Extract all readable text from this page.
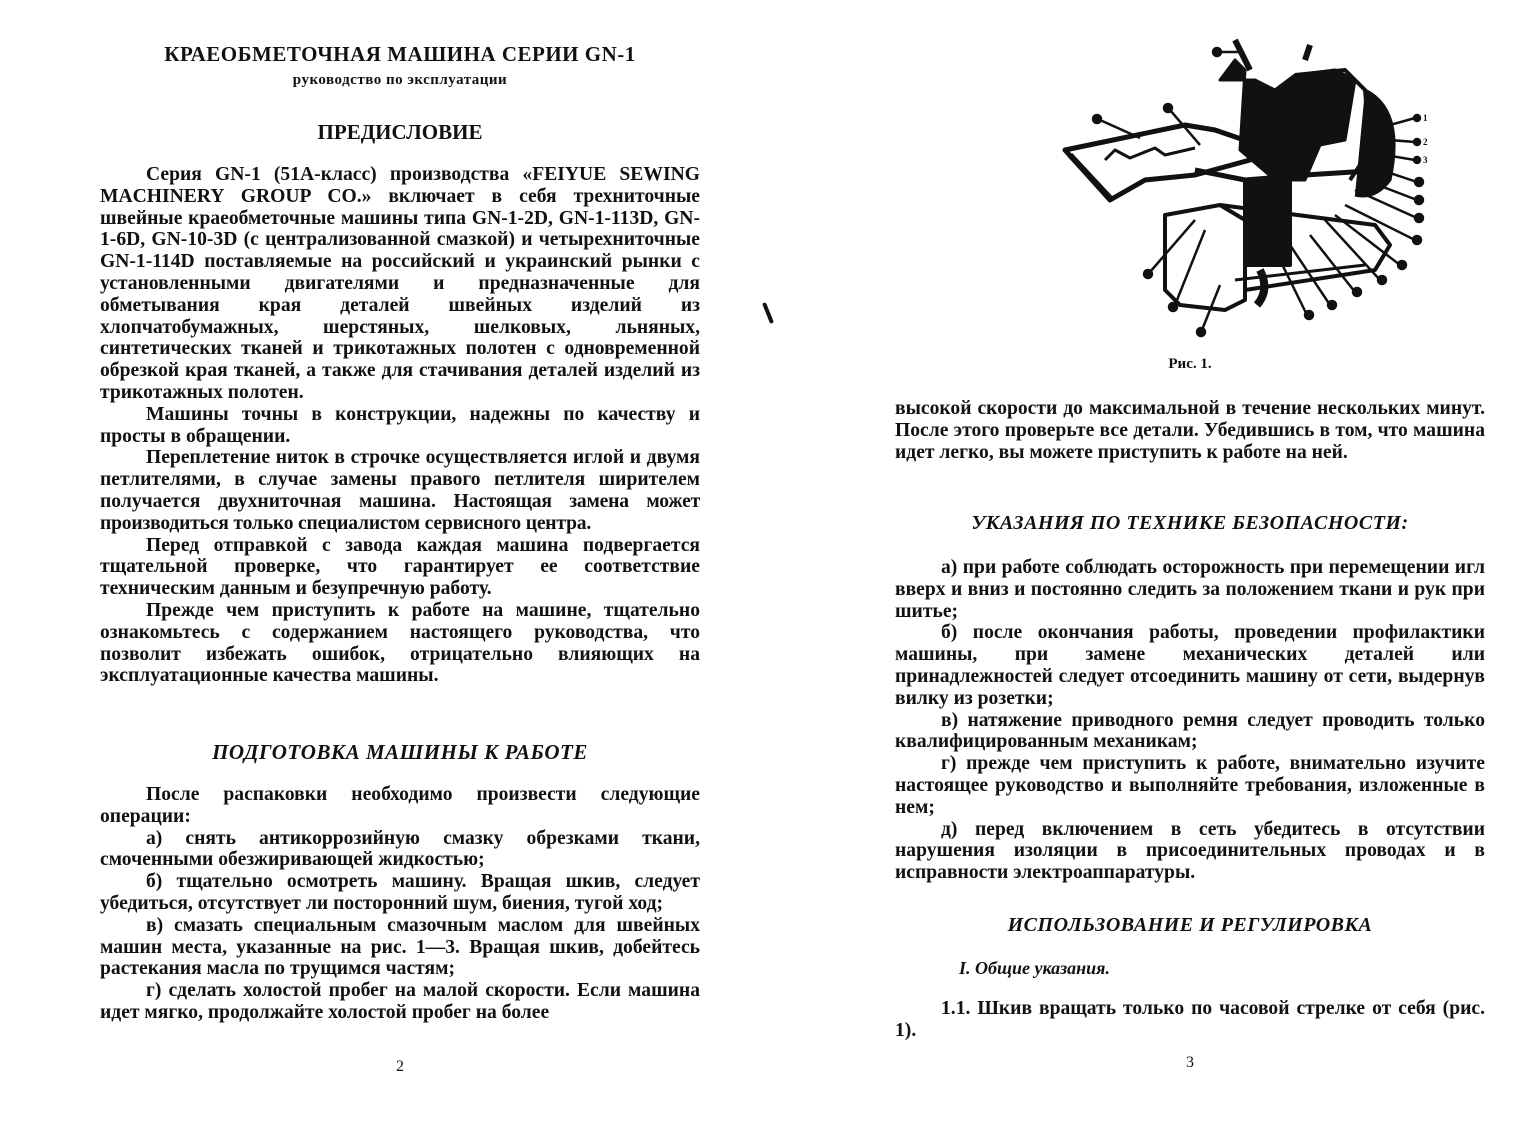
КРАЕОБМЕТОЧНАЯ МАШИНА СЕРИИ GN-1
руководство по эксплуатации
ПРЕДИСЛОВИЕ

Серия GN-1 (51А-класс) производства «FEIYUE SEWING MACHINERY GROUP CO.» включает в себя трехниточные швейные краеобметочные машины типа GN-1-2D, GN-1-113D, GN-1-6D, GN-10-3D (с централизованной смазкой) и четырехниточные GN-1-114D поставляемые на российский и украинский рынки с установленными двигателями и предназначенные для обметывания края деталей швейных изделий из хлопчатобумажных, шерстяных, шелковых, льняных, синтетических тканей и трикотажных полотен с одновременной обрезкой края тканей, а также для стачивания деталей изделий из трикотажных полотен.

Машины точны в конструкции, надежны по качеству и просты в обращении.

Переплетение ниток в строчке осуществляется иглой и двумя петлителями, в случае замены правого петлителя ширителем получается двухниточная машина. Настоящая замена может производиться только специалистом сервисного центра.

Перед отправкой с завода каждая машина подвергается тщательной проверке, что гарантирует ее соответствие техническим данным и безупречную работу.

Прежде чем приступить к работе на машине, тщательно ознакомьтесь с содержанием настоящего руководства, что позволит избежать ошибок, отрицательно влияющих на эксплуатационные качества машины.

ПОДГОТОВКА МАШИНЫ К РАБОТЕ

После распаковки необходимо произвести следующие операции:

а) снять антикоррозийную смазку обрезками ткани, смоченными обезжиривающей жидкостью;

б) тщательно осмотреть машину. Вращая шкив, следует убедиться, отсутствует ли посторонний шум, биения, тугой ход;

в) смазать специальным смазочным маслом для швейных машин места, указанные на рис. 1—3. Вращая шкив, добейтесь растекания масла по трущимся частям;

г) сделать холостой пробег на малой скорости. Если машина идет мягко, продолжайте холостой пробег на более

2
1
2
3
Рис. 1.

высокой скорости до максимальной в течение нескольких минут. После этого проверьте все детали. Убедившись в том, что машина идет легко, вы можете приступить к работе на ней.

УКАЗАНИЯ ПО ТЕХНИКЕ БЕЗОПАСНОСТИ:

а) при работе соблюдать осторожность при перемещении игл вверх и вниз и постоянно следить за положением ткани и рук при шитье;

б) после окончания работы, проведении профилактики машины, при замене механических деталей или принадлежностей следует отсоединить машину от сети, выдернув вилку из розетки;

в) натяжение приводного ремня следует проводить только квалифицированным механикам;

г) прежде чем приступить к работе, внимательно изучите настоящее руководство и выполняйте требования, изложенные в нем;

д) перед включением в сеть убедитесь в отсутствии нарушения изоляции в присоединительных проводах и в исправности электроаппаратуры.

ИСПОЛЬЗОВАНИЕ И РЕГУЛИРОВКА
I. Общие указания.

1.1. Шкив вращать только по часовой стрелке от себя (рис. 1).

3
